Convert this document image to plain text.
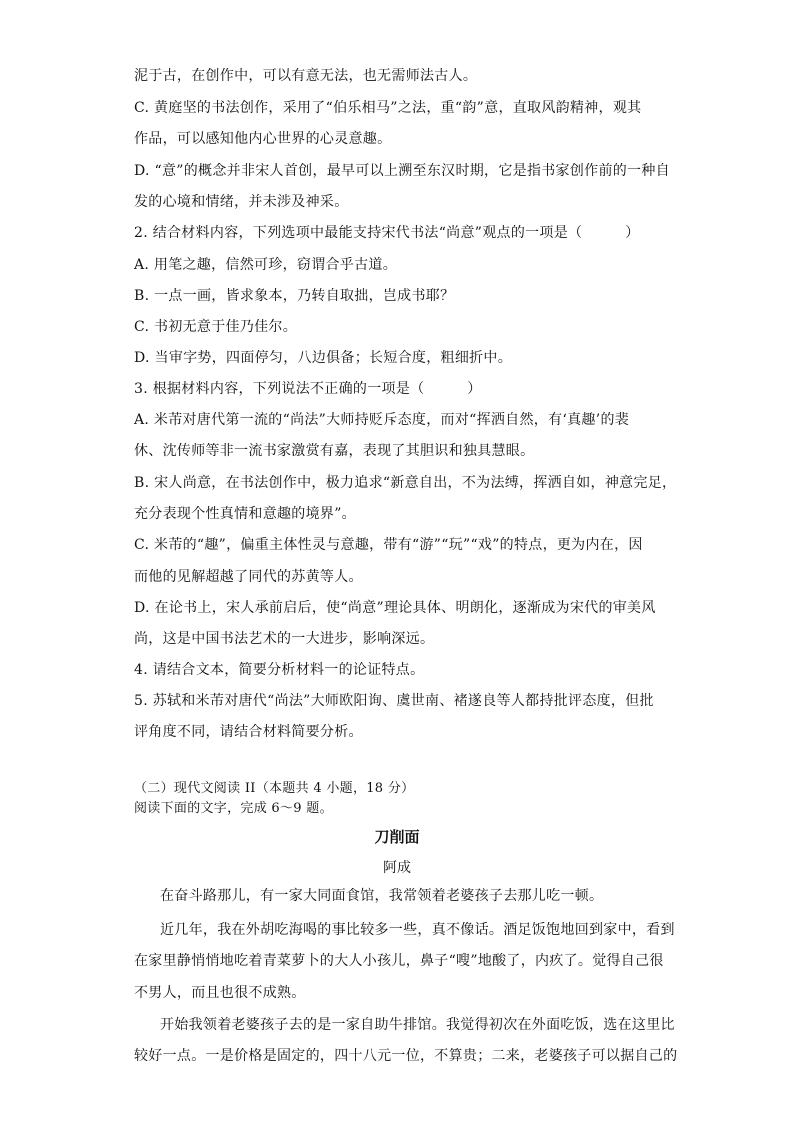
泥于古，在创作中，可以有意无法，也无需师法古人。
C. 黄庭坚的书法创作，采用了“伯乐相马”之法，重“韵”意，直取风韵精神，观其
作品，可以感知他内心世界的心灵意趣。
D. “意”的概念并非宋人首创，最早可以上溯至东汉时期，它是指书家创作前的一种自
发的心境和情绪，并未涉及神采。
2. 结合材料内容，下列选项中最能支持宋代书法“尚意”观点的一项是（　　　）
A. 用笔之趣，信然可珍，窃谓合乎古道。
B. 一点一画，皆求象本，乃转自取拙，岂成书耶？
C. 书初无意于佳乃佳尔。
D. 当审字势，四面停匀，八边俱备；长短合度，粗细折中。
3. 根据材料内容，下列说法不正确的一项是（　　　）
A. 米芾对唐代第一流的“尚法”大师持贬斥态度，而对“挥洒自然，有‘真趣’的裴
休、沈传师等非一流书家激赏有嘉，表现了其胆识和独具慧眼。
B. 宋人尚意，在书法创作中，极力追求“新意自出，不为法缚，挥洒自如，神意完足，
充分表现个性真情和意趣的境界”。
C. 米芾的“趣”，偏重主体性灵与意趣，带有“游”“玩”“戏”的特点，更为内在，因
而他的见解超越了同代的苏黄等人。
D. 在论书上，宋人承前启后，使“尚意”理论具体、明朗化，逐渐成为宋代的审美风
尚，这是中国书法艺术的一大进步，影响深远。
4. 请结合文本，简要分析材料一的论证特点。
5. 苏轼和米芾对唐代“尚法”大师欧阳询、虞世南、褚遂良等人都持批评态度，但批
评角度不同，请结合材料简要分析。
（二）现代文阅读 II（本题共 4 小题，18 分）
阅读下面的文字，完成 6～9 题。
刀削面
阿成
在奋斗路那儿，有一家大同面食馆，我常领着老婆孩子去那儿吃一顿。
近几年，我在外胡吃海喝的事比较多一些，真不像话。酒足饭饱地回到家中，看到
在家里静悄悄地吃着青菜萝卜的大人小孩儿，鼻子“嗖”地酸了，内疚了。觉得自己很
不男人，而且也很不成熟。
开始我领着老婆孩子去的是一家自助牛排馆。我觉得初次在外面吃饭，选在这里比
较好一点。一是价格是固定的，四十八元一位，不算贵；二来，老婆孩子可以据自己的
